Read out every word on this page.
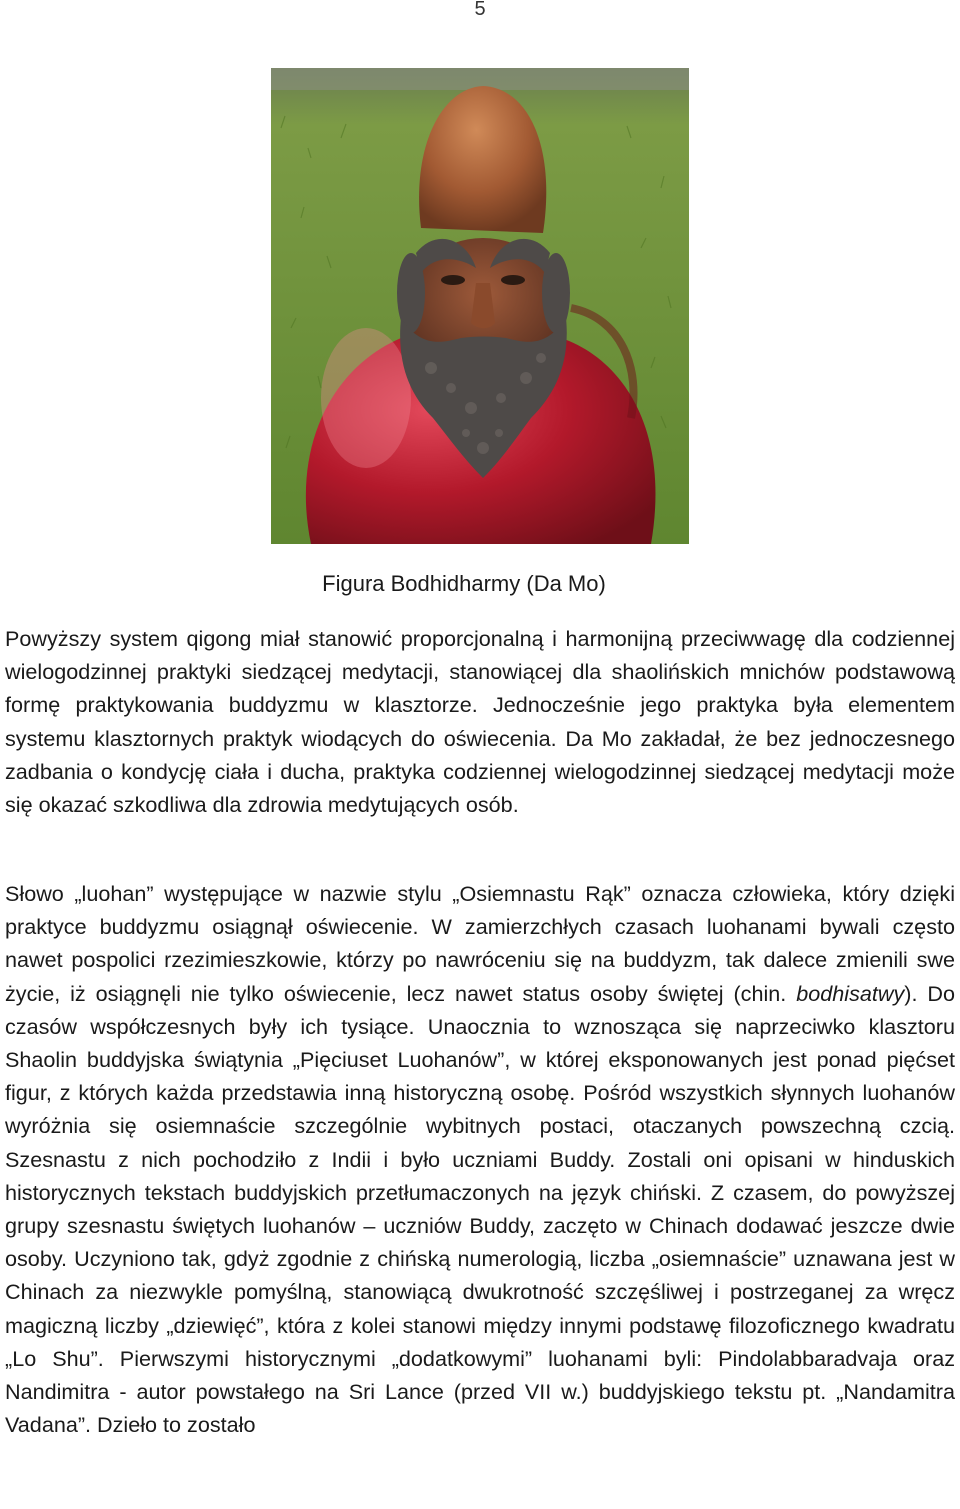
5
Figura Bodhidharmy (Da Mo)

Powyższy system qigong miał stanowić proporcjonalną i harmonijną przeciwwagę dla codziennej wielogodzinnej praktyki siedzącej medytacji, stanowiącej dla shaolińskich mnichów podstawową formę praktykowania buddyzmu w klasztorze. Jednocześnie jego praktyka była elementem systemu klasztornych praktyk wiodących do oświecenia. Da Mo zakładał, że bez jednoczesnego zadbania o kondycję ciała i ducha, praktyka codziennej wielogodzinnej siedzącej medytacji może się okazać szkodliwa dla zdrowia medytujących osób.

Słowo „luohan” występujące w nazwie stylu „Osiemnastu Rąk” oznacza człowieka, który dzięki praktyce buddyzmu osiągnął oświecenie. W zamierzchłych czasach luohanami bywali często nawet pospolici rzezimieszkowie, którzy po nawróceniu się na buddyzm, tak dalece zmienili swe życie, iż osiągnęli nie tylko oświecenie, lecz nawet status osoby świętej (chin. bodhisatwy). Do czasów współczesnych były ich tysiące. Unaocznia to wznosząca się naprzeciwko klasztoru Shaolin buddyjska świątynia „Pięciuset Luohanów”, w której eksponowanych jest ponad pięćset figur, z których każda przedstawia inną historyczną osobę. Pośród wszystkich słynnych luohanów wyróżnia się osiemnaście szczególnie wybitnych postaci, otaczanych powszechną czcią. Szesnastu z nich pochodziło z Indii i było uczniami Buddy. Zostali oni opisani w hinduskich historycznych tekstach buddyjskich przetłumaczonych na język chiński. Z czasem, do powyższej grupy szesnastu świętych luohanów – uczniów Buddy, zaczęto w Chinach dodawać jeszcze dwie osoby. Uczyniono tak, gdyż zgodnie z chińską numerologią, liczba „osiemnaście” uznawana jest w Chinach za niezwykle pomyślną, stanowiącą dwukrotność szczęśliwej i postrzeganej za wręcz magiczną liczby „dziewięć”, która z kolei stanowi między innymi podstawę filozoficznego kwadratu „Lo Shu”. Pierwszymi historycznymi „dodatkowymi” luohanami byli: Pindolabbaradvaja oraz Nandimitra - autor powstałego na Sri Lance (przed VII w.) buddyjskiego tekstu pt. „Nandamitra Vadana”. Dzieło to zostało
